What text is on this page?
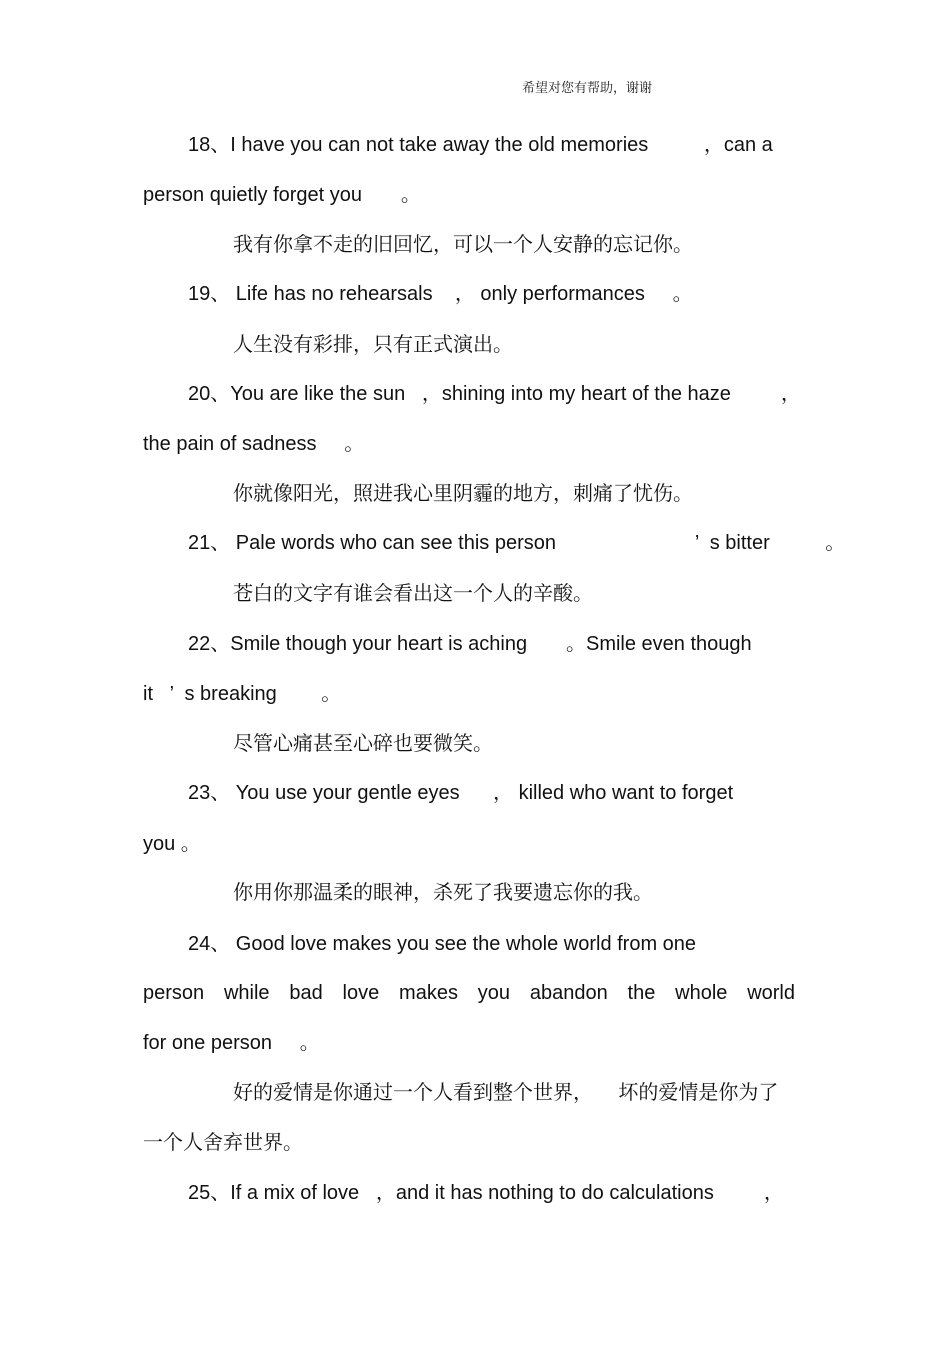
希望对您有帮助，谢谢
18、I have you can not take away the old memories          ，can a
person quietly forget you       。
我有你拿不走的旧回忆，可以一个人安静的忘记你。
19、 Life has no rehearsals    ， only performances     。
人生没有彩排，只有正式演出。
20、You are like the sun   ，shining into my heart of the haze         ，
the pain of sadness     。
你就像阳光，照进我心里阴霾的地方，刺痛了忧伤。
21、 Pale words who can see this person                         ’  s bitter          。
苍白的文字有谁会看出这一个人的辛酸。
22、Smile though your heart is aching       。Smile even though
it   ’  s breaking        。
尽管心痛甚至心碎也要微笑。
23、 You use your gentle eyes      ， killed who want to forget
you 。
你用你那温柔的眼神，杀死了我要遗忘你的我。
24、 Good love makes you see the whole world from one
person while bad love makes you abandon the whole world
for one person     。
好的爱情是你通过一个人看到整个世界，    坏的爱情是你为了
一个人舍弃世界。
25、If a mix of love   ，and it has nothing to do calculations         ，
